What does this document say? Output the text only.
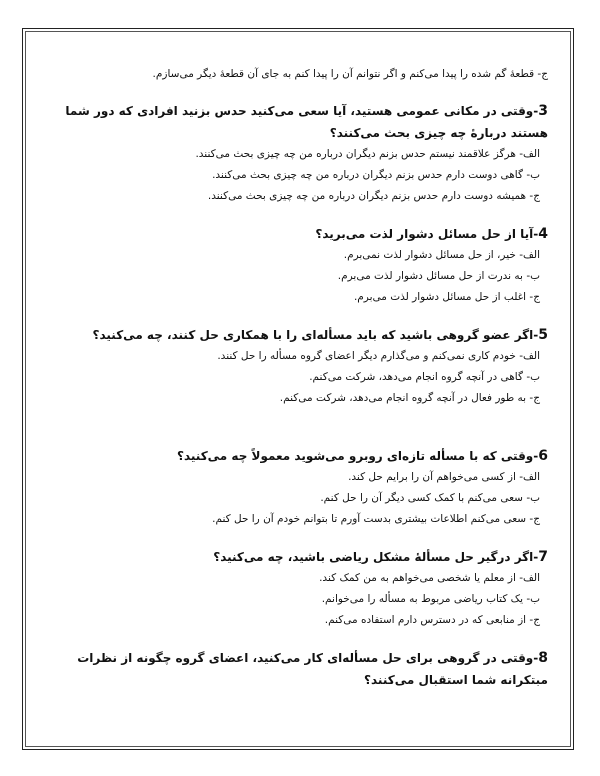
ج- قطعهٔ گم شده را پیدا می‌کنم و اگر نتوانم آن را پیدا کنم به جای آن قطعهٔ دیگر می‌سازم.

3-وقتی در مکانی عمومی هستید، آیا سعی می‌کنید حدس بزنید افرادی که دور شما هستند دربارهٔ چه چیزی بحث می‌کنند؟

الف- هرگز علاقمند نیستم حدس بزنم دیگران درباره من چه چیزی بحث می‌کنند.

ب- گاهی دوست دارم حدس بزنم دیگران درباره من چه چیزی بحث می‌کنند.

ج- همیشه دوست دارم حدس بزنم دیگران درباره من چه چیزی بحث می‌کنند.

4-آیا از حل مسائل دشوار لذت می‌برید؟

الف- خیر، از حل مسائل دشوار لذت نمی‌برم.

ب- به ندرت از حل مسائل دشوار لذت می‌برم.

ج- اغلب از حل مسائل دشوار لذت می‌برم.

5-اگر عضو گروهی باشید که باید مسأله‌ای را با همکاری حل کنند، چه می‌کنید؟

الف- خودم کاری نمی‌کنم و می‌گذارم دیگر اعضای گروه مسأله را حل کنند.

ب- گاهی در آنچه گروه انجام می‌دهد، شرکت می‌کنم.

ج- به طور فعال در آنچه گروه انجام می‌دهد، شرکت می‌کنم.

6-وقتی که با مسأله تازه‌ای روبرو می‌شوید معمولاً چه می‌کنید؟

الف- از کسی می‌خواهم آن را برایم حل کند.

ب- سعی می‌کنم با کمک کسی دیگر آن را حل کنم.

ج- سعی می‌کنم اطلاعات بیشتری بدست آورم تا بتوانم خودم آن را حل کنم.

7-اگر درگیر حل مسألهٔ مشکل ریاضی باشید، چه می‌کنید؟

الف- از معلم یا شخصی می‌خواهم به من کمک کند.

ب- یک کتاب ریاضی مربوط به مسأله را می‌خوانم.

ج- از منابعی که در دسترس دارم استفاده می‌کنم.

8-وقتی در گروهی برای حل مسأله‌ای کار می‌کنید، اعضای گروه چگونه از نظرات مبتکرانه شما استقبال می‌کنند؟
